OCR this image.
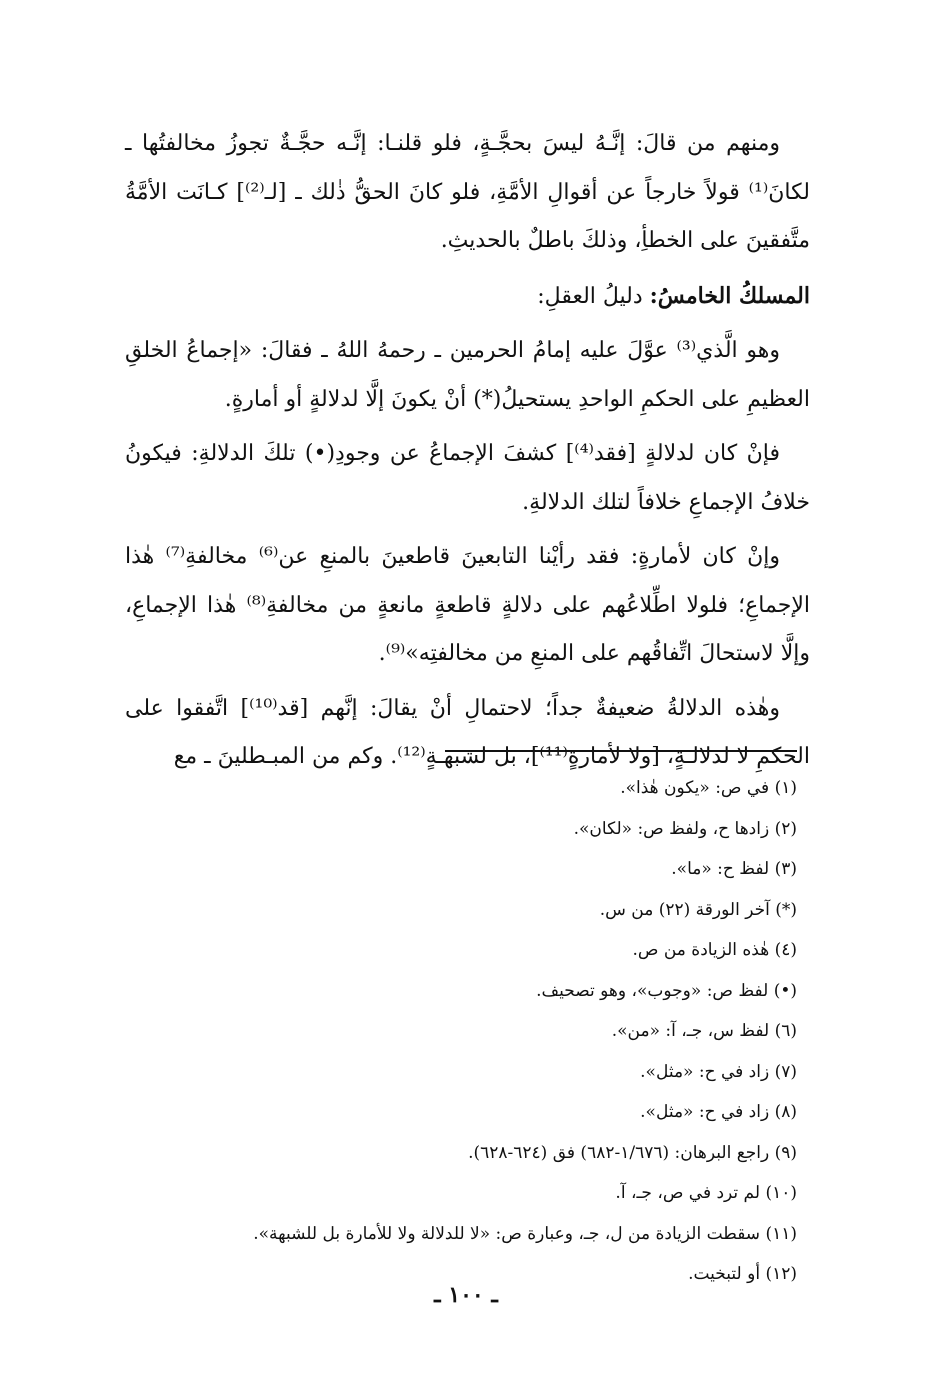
ومنهم من قالَ: إنَّـهُ ليسَ بحجَّـةٍ، فلو قلنـا: إنَّـه حجَّـةٌ تجوزُ مخالفتُها ـ لكانَ⁽¹⁾ قولاً خارجاً عن أقوالِ الأمَّةِ، فلو كانَ الحقُّ ذٰلك ـ [لـ⁽²⁾] كـانَت الأمَّةُ متَّفقينَ على الخطأِ، وذلكَ باطلٌ بالحديثِ.

المسلكُ الخامسُ: دليلُ العقلِ:

وهو الَّذي⁽³⁾ عوَّلَ عليه إمامُ الحرمين ـ رحمهُ اللهُ ـ فقالَ: «إجماعُ الخلقِ العظيمِ على الحكمِ الواحدِ يستحيلُ(*) أنْ يكونَ إلَّا لدلالةٍ أو أمارةٍ.

فإنْ كان لدلالةٍ [فقد⁽⁴⁾] كشفَ الإجماعُ عن وجودِ(•) تلكَ الدلالةِ: فيكونُ خلافُ الإجماعِ خلافاً لتلك الدلالةِ.

وإنْ كان لأمارةٍ: فقد رأيْنا التابعينَ قاطعينَ بالمنعِ عن⁽⁶⁾ مخالفةِ⁽⁷⁾ هٰذا الإجماعِ؛ فلولا اطِّلاعُهم على دلالةٍ قاطعةٍ مانعةٍ من مخالفةِ⁽⁸⁾ هٰذا الإجماعِ، وإلَّا لاستحالَ اتِّفاقُهم على المنعِ من مخالفتِه»⁽⁹⁾.

وهٰذه الدلالةُ ضعيفةٌ جداً؛ لاحتمالِ أنْ يقالَ: إنَّهم [قد⁽¹⁰⁾] اتَّفقوا على الحكمِ لا لدلالـةٍ، [ولا لأمارةٍ⁽¹¹⁾]، بل لشبهـةٍ⁽¹²⁾. وكم من المبـطلينَ ـ مع

(١) في ص: «يكون هٰذا».
(٢) زادها ح، ولفظ ص: «لكان».
(٣) لفظ ح: «ما».
(*) آخر الورقة (٢٢) من س.
(٤) هٰذه الزيادة من ص.
(•) لفظ ص: «وجوب»، وهو تصحيف.
(٦) لفظ س، جـ، آ: «من».
(٧) زاد في ح: «مثل».
(٨) زاد في ح: «مثل».
(٩) راجع البرهان: (١/٦٧٦-٦٨٢) فق (٦٢٤-٦٢٨).
(١٠) لم ترد في ص، جـ، آ.
(١١) سقطت الزيادة من ل، جـ، وعبارة ص: «لا للدلالة ولا للأمارة بل للشبهة».
(١٢) أو لتبخيت.
ـ ١٠٠ ـ
